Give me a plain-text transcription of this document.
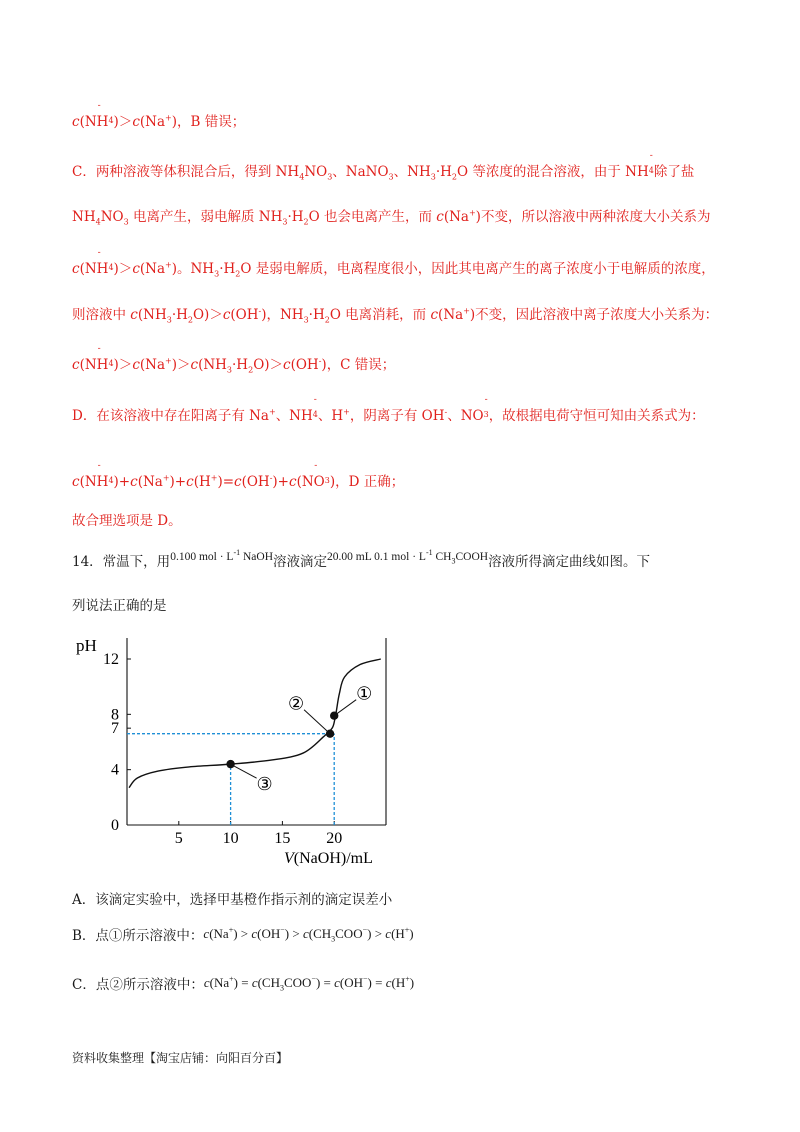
$c(NH^4$
-
)＞c(Na+)，B 错误；
C．两种溶液等体积混合后，得到 $NH_4NO_3$、NaNO$_3$、$NH_3\cdot H_2O$ 等浓度的混合溶液，由于 $NH^4$
-
除了盐
$NH_4NO_3$ 电离产生，弱电解质 $NH_3\cdot H_2O$ 也会电离产生，而 c(Na+)不变，所以溶液中两种浓度大小关系为
$c(NH^4$
-
)＞c(Na+)。$NH_3\cdot H_2O$ 是弱电解质，电离程度很小，因此其电离产生的离子浓度小于电解质的浓度，
则溶液中 $c(NH_3\cdot H_2O)>c(OH^-)$，$NH_3\cdot H_2O$ 电离消耗，而 c(Na+)不变，因此溶液中离子浓度大小关系为：
$c(NH^4$
-
)$>c(Na^+)>c(NH_3\cdot H_2O)>c(OH^-)$，C 错误；
D．在该溶液中存在阳离子有 Na+、$NH^4$
-
、H+，阴离子有 OH-、$NO^3$
-
，故根据电荷守恒可知由关系式为：
$c(NH^4$
-
)$+c(Na^+)+c(H^+)=c(OH^-)+c(NO^3$
-
)，D 正确；
故合理选项是 D。
14．常温下，用0.100 mol · $L^{-1}$ NaOH溶液滴定20.00 mL 0.1 mol · $L^{-1}$ $CH_3COOH$溶液所得滴定曲线如图。下
列说法正确的是
pH
0
4
7
8
12
5 10 15 20
①
②
③
V(NaOH)/mL
A．该滴定实验中，选择甲基橙作指示剂的滴定误差小
B．点①所示溶液中：$c(Na^+) > c(OH^-) > c(CH_3COO^-) > c(H^+)$
C．点②所示溶液中：$c(Na^+) = c(CH_3COO^-) = c(OH^-) = c(H^+)$
资料收集整理【淘宝店铺：向阳百分百】
